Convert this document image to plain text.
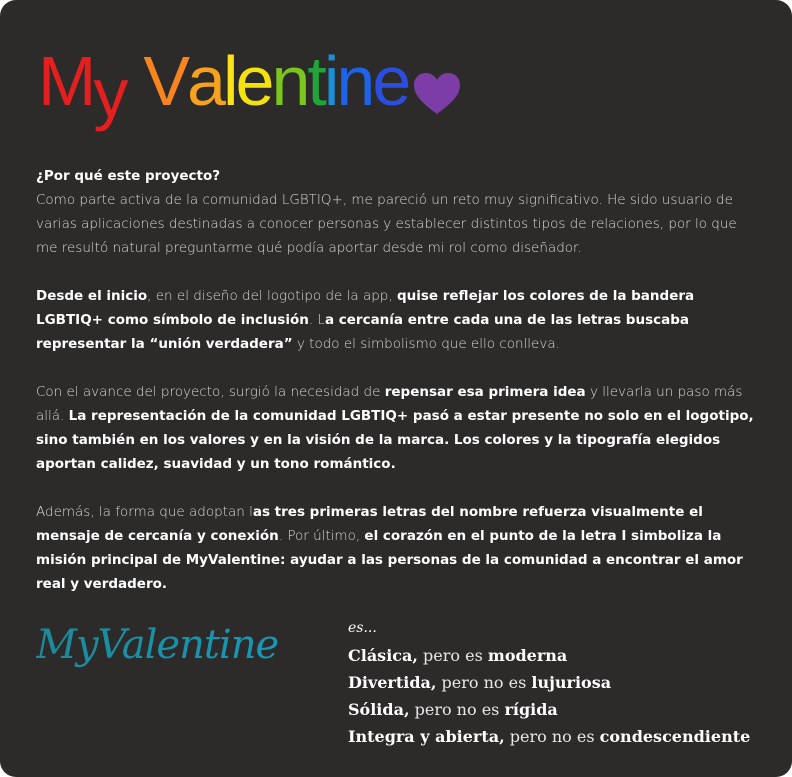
M y V a l e n t i n e

¿Por qué este proyecto?
Como parte activa de la comunidad LGBTIQ+, me pareció un reto muy significativo. He sido usuario de varias aplicaciones destinadas a conocer personas y establecer distintos tipos de relaciones, por lo que me resultó natural preguntarme qué podía aportar desde mi rol como diseñador.

Desde el inicio, en el diseño del logotipo de la app, quise reflejar los colores de la bandera LGBTIQ+ como símbolo de inclusión. La cercanía entre cada una de las letras buscaba representar la “unión verdadera” y todo el simbolismo que ello conlleva.

Con el avance del proyecto, surgió la necesidad de repensar esa primera idea y llevarla un paso más allá. La representación de la comunidad LGBTIQ+ pasó a estar presente no solo en el logotipo, sino también en los valores y en la visión de la marca. Los colores y la tipografía elegidos aportan calidez, suavidad y un tono romántico.

Además, la forma que adoptan las tres primeras letras del nombre refuerza visualmente el mensaje de cercanía y conexión. Por último, el corazón en el punto de la letra I simboliza la misión principal de MyValentine: ayudar a las personas de la comunidad a encontrar el amor real y verdadero.

MyValentine	es...
Clásica, pero es moderna
Divertida, pero no es lujuriosa
Sólida, pero no es rígida
Integra y abierta, pero no es condescendiente
